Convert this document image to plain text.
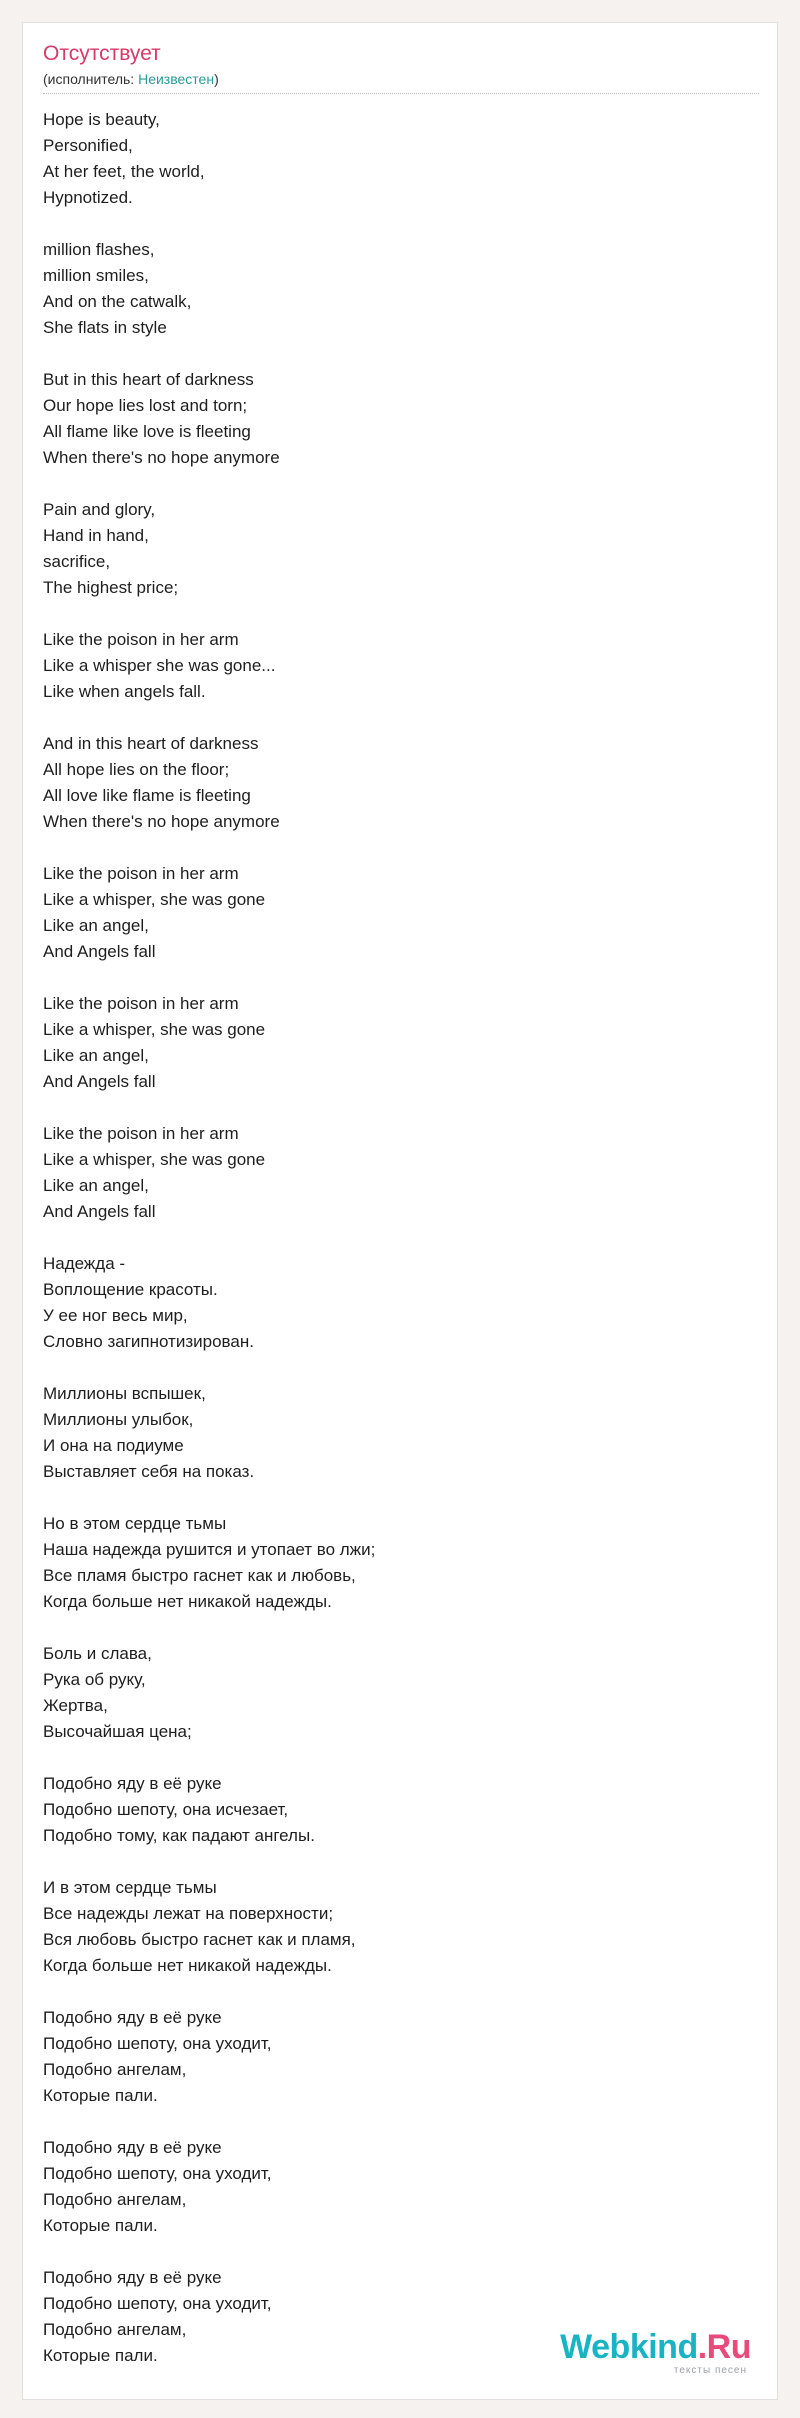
Отсутствует
(исполнитель: Неизвестен)
Hope is beauty,
Personified,
At her feet, the world,
Hypnotized.
million flashes,
million smiles,
And on the catwalk,
She flats in style
But in this heart of darkness
Our hope lies lost and torn;
All flame like love is fleeting
When there's no hope anymore
Pain and glory,
Hand in hand,
sacrifice,
The highest price;
Like the poison in her arm
Like a whisper she was gone...
Like when angels fall.
And in this heart of darkness
All hope lies on the floor;
All love like flame is fleeting
When there's no hope anymore
Like the poison in her arm
Like a whisper, she was gone
Like an angel,
And Angels fall
Like the poison in her arm
Like a whisper, she was gone
Like an angel,
And Angels fall
Like the poison in her arm
Like a whisper, she was gone
Like an angel,
And Angels fall
Надежда -
Воплощение красоты.
У ее ног весь мир,
Словно загипнотизирован.
Миллионы вспышек,
Миллионы улыбок,
И она на подиуме
Выставляет себя на показ.
Но в этом сердце тьмы
Наша надежда рушится и утопает во лжи;
Все пламя быстро гаснет как и любовь,
Когда больше нет никакой надежды.
Боль и слава,
Рука об руку,
Жертва,
Высочайшая цена;
Подобно яду в её руке
Подобно шепоту, она исчезает,
Подобно тому, как падают ангелы.
И в этом сердце тьмы
Все надежды лежат на поверхности;
Вся любовь быстро гаснет как и пламя,
Когда больше нет никакой надежды.
Подобно яду в её руке
Подобно шепоту, она уходит,
Подобно ангелам,
Которые пали.
Подобно яду в её руке
Подобно шепоту, она уходит,
Подобно ангелам,
Которые пали.
Подобно яду в её руке
Подобно шепоту, она уходит,
Подобно ангелам,
Которые пали.	Webkind.Ru
тексты песен
